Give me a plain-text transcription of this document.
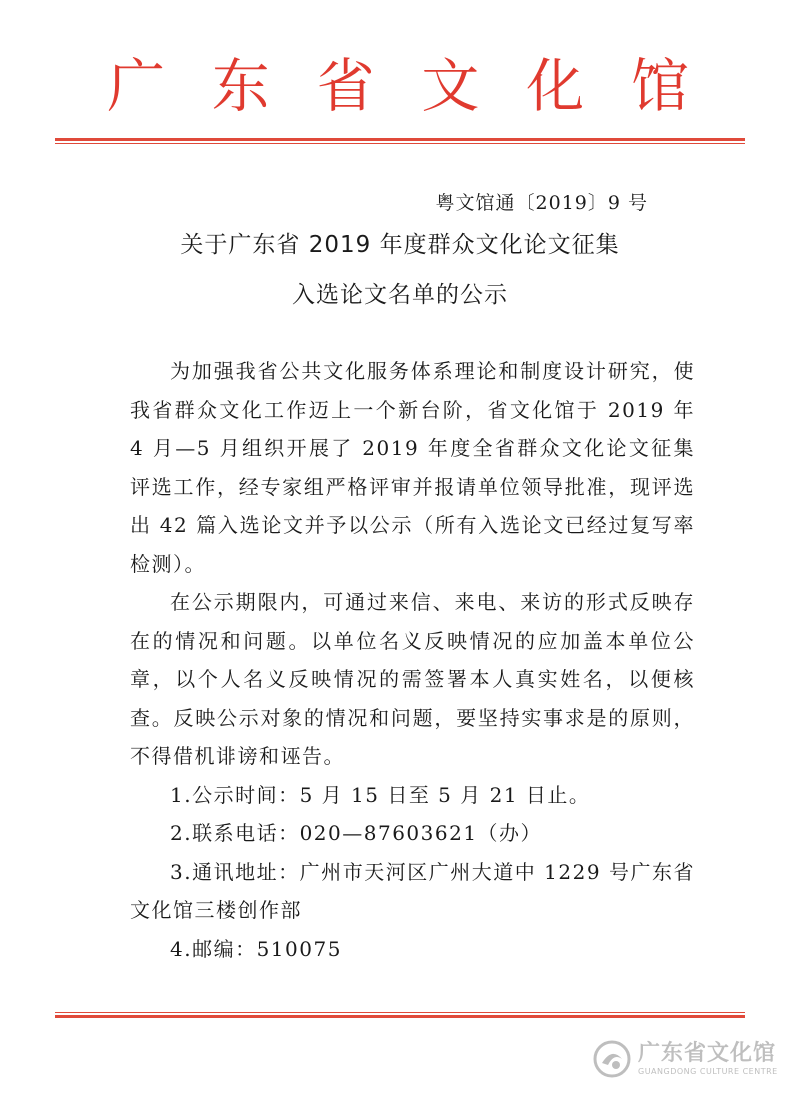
广 东 省 文 化 馆
粤文馆通〔2019〕9 号
关于广东省 2019 年度群众文化论文征集
入选论文名单的公示

为加强我省公共文化服务体系理论和制度设计研究，使我省群众文化工作迈上一个新台阶，省文化馆于 2019 年 4 月—5 月组织开展了 2019 年度全省群众文化论文征集评选工作，经专家组严格评审并报请单位领导批准，现评选出 42 篇入选论文并予以公示（所有入选论文已经过复写率检测）。

在公示期限内，可通过来信、来电、来访的形式反映存在的情况和问题。以单位名义反映情况的应加盖本单位公章，以个人名义反映情况的需签署本人真实姓名，以便核查。反映公示对象的情况和问题，要坚持实事求是的原则，不得借机诽谤和诬告。

1.公示时间：5 月 15 日至 5 月 21 日止。

2.联系电话：020—87603621（办）

3.通讯地址：广州市天河区广州大道中 1229 号广东省文化馆三楼创作部

4.邮编：510075

广东省文化馆
GUANGDONG CULTURE CENTRE
